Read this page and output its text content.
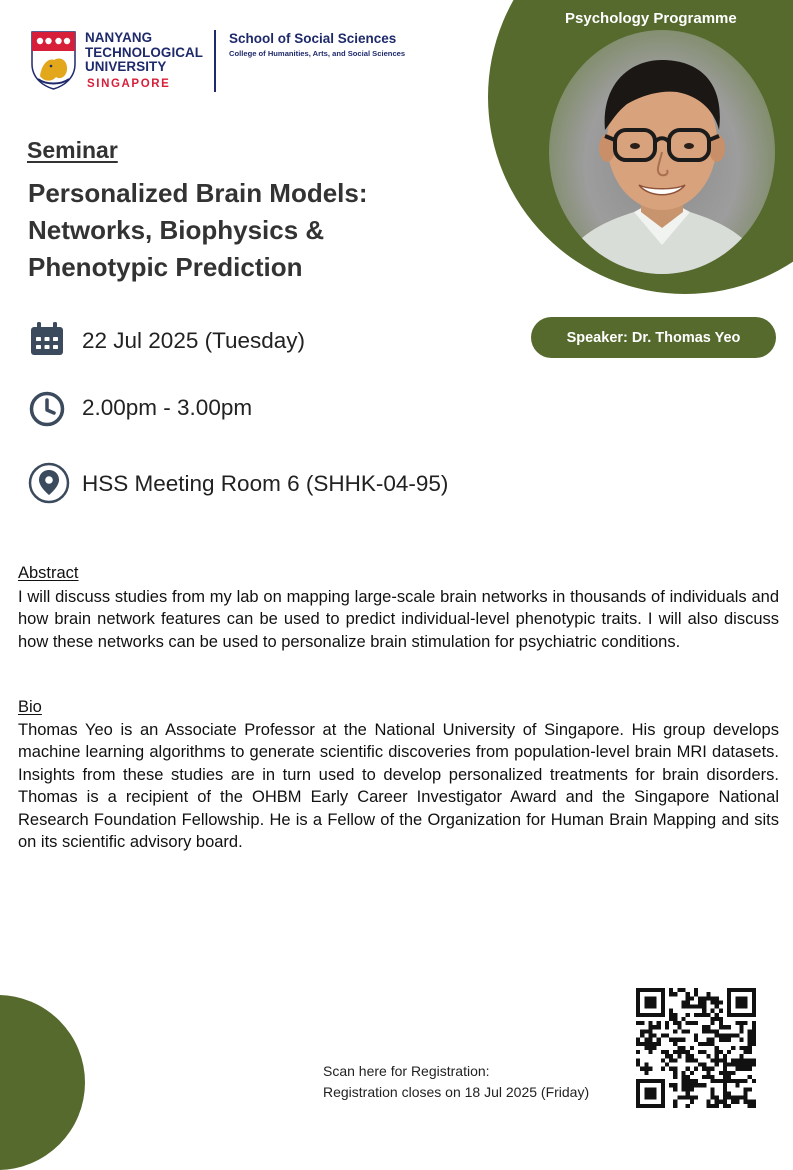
NANYANG
TECHNOLOGICAL
UNIVERSITY
SINGAPORE
School of Social Sciences
College of Humanities, Arts, and Social Sciences
Psychology Programme
Seminar
Personalized Brain Models:
Networks, Biophysics &
Phenotypic Prediction
Speaker: Dr. Thomas Yeo
22 Jul 2025 (Tuesday)
2.00pm - 3.00pm
HSS Meeting Room 6 (SHHK-04-95)
Abstract
I will discuss studies from my lab on mapping large-scale brain networks in thousands of individuals and how brain network features can be used to predict individual-level phenotypic traits. I will also discuss how these networks can be used to personalize brain stimulation for psychiatric conditions.
Bio
Thomas Yeo is an Associate Professor at the National University of Singapore. His group develops machine learning algorithms to generate scientific discoveries from population-level brain MRI datasets. Insights from these studies are in turn used to develop personalized treatments for brain disorders. Thomas is a recipient of the OHBM Early Career Investigator Award and the Singapore National Research Foundation Fellowship. He is a Fellow of the Organization for Human Brain Mapping and sits on its scientific advisory board.
Scan here for Registration:
Registration closes on 18 Jul 2025 (Friday)
